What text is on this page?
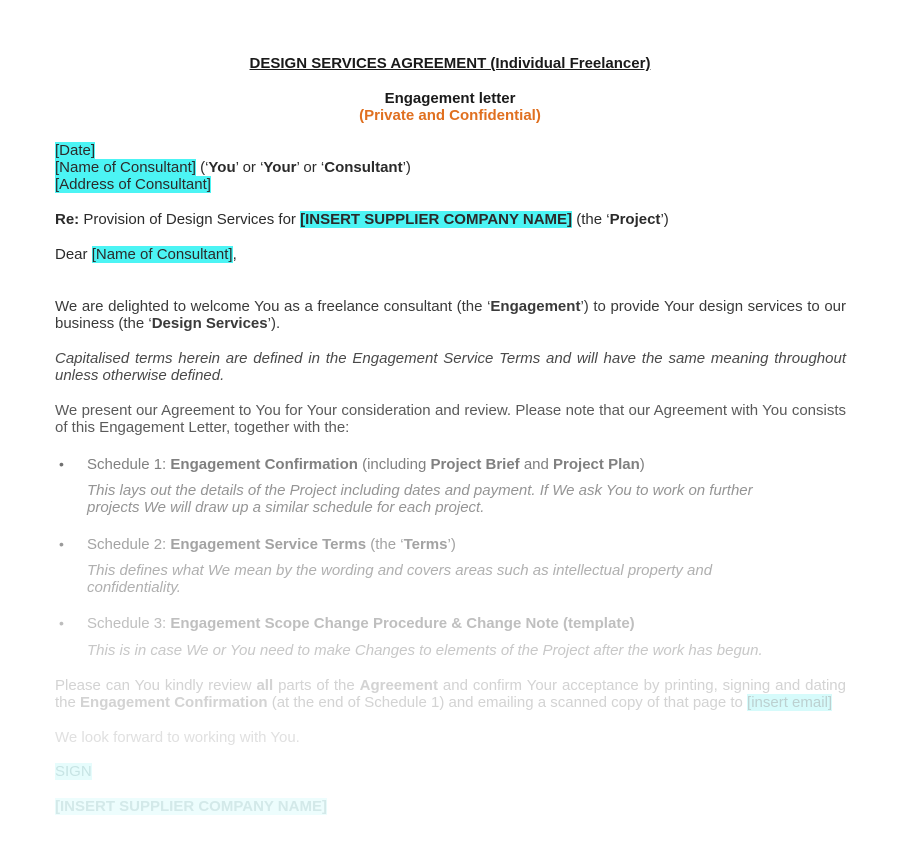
DESIGN SERVICES AGREEMENT (Individual Freelancer)

Engagement letter

(Private and Confidential)

[Date]

[Name of Consultant] (‘You’ or ‘Your’ or ‘Consultant’)

[Address of Consultant]

Re: Provision of Design Services for [INSERT SUPPLIER COMPANY NAME] (the ‘Project’)

Dear [Name of Consultant],

We are delighted to welcome You as a freelance consultant (the ‘Engagement’) to provide Your design services to our business (the ‘Design Services’).

Capitalised terms herein are defined in the Engagement Service Terms and will have the same meaning throughout unless otherwise defined.

We present our Agreement to You for Your consideration and review. Please note that our Agreement with You consists of this Engagement Letter, together with the:

•

Schedule 1: Engagement Confirmation (including Project Brief and Project Plan)

This lays out the details of the Project including dates and payment. If We ask You to work on further projects We will draw up a similar schedule for each project.

•

Schedule 2: Engagement Service Terms (the ‘Terms’)

This defines what We mean by the wording and covers areas such as intellectual property and confidentiality.

•

Schedule 3: Engagement Scope Change Procedure & Change Note (template)

This is in case We or You need to make Changes to elements of the Project after the work has begun.

Please can You kindly review all parts of the Agreement and confirm Your acceptance by printing, signing and dating the Engagement Confirmation (at the end of Schedule 1) and emailing a scanned copy of that page to [insert email]

We look forward to working with You.

SIGN

[INSERT SUPPLIER COMPANY NAME]
